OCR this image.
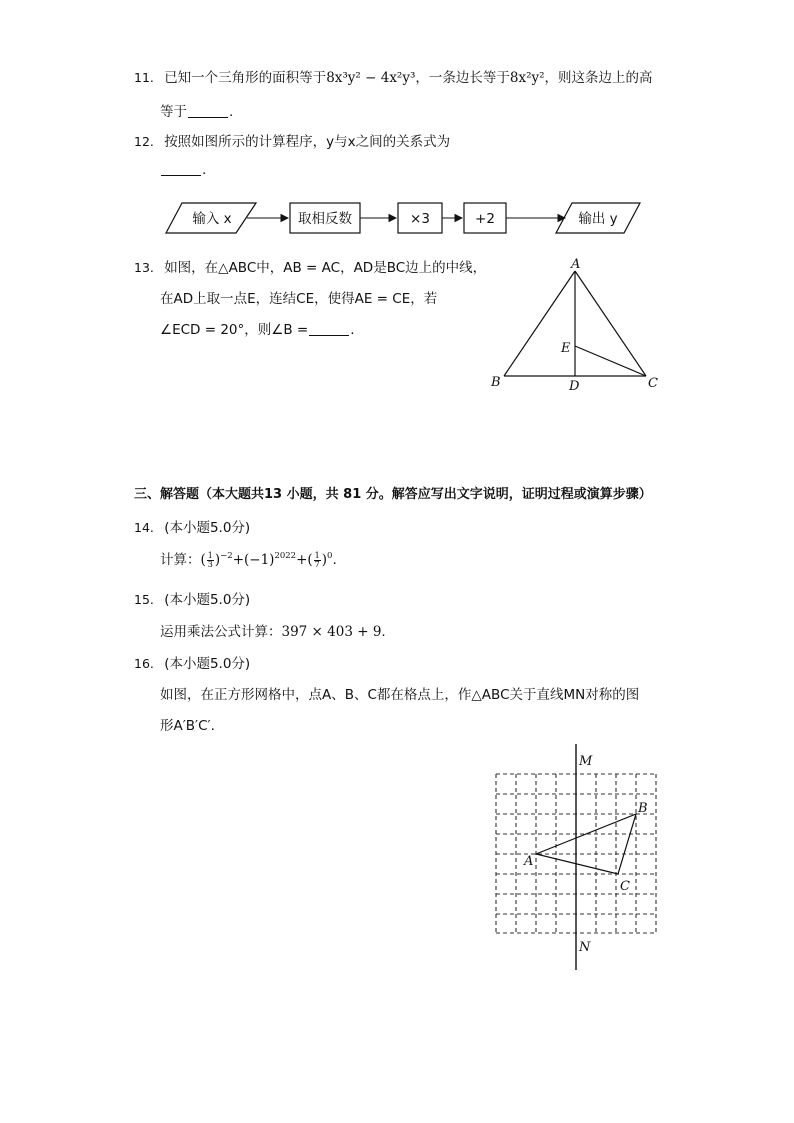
11. 已知一个三角形的面积等于8x³y² − 4x²y³，一条边长等于8x²y²，则这条边上的高
等于	.
12. 按照如图所示的计算程序，y与x之间的关系式为
.
输入 x	取相反数	×3	+2	输出 y
13. 如图，在△ABC中，AB = AC，AD是BC边上的中线，
在AD上取一点E，连结CE，使得AE = CE，若
∠ECD = 20°，则∠B =	.
A
B	C
D
E
三、解答题（本大题共13 小题，共 81 分。解答应写出文字说明，证明过程或演算步骤）
14. (本小题5.0分)
计算：( $\frac{1}{3} )^{-2}+(-1)^{2022}+( \frac{1}{7} )^0$.
15. (本小题5.0分)
运用乘法公式计算：397 × 403 + 9.
16. (本小题5.0分)
如图，在正方形网格中，点A、B、C都在格点上，作△ABC关于直线MN对称的图
形A′B′C′.
M
N
A
B
C
